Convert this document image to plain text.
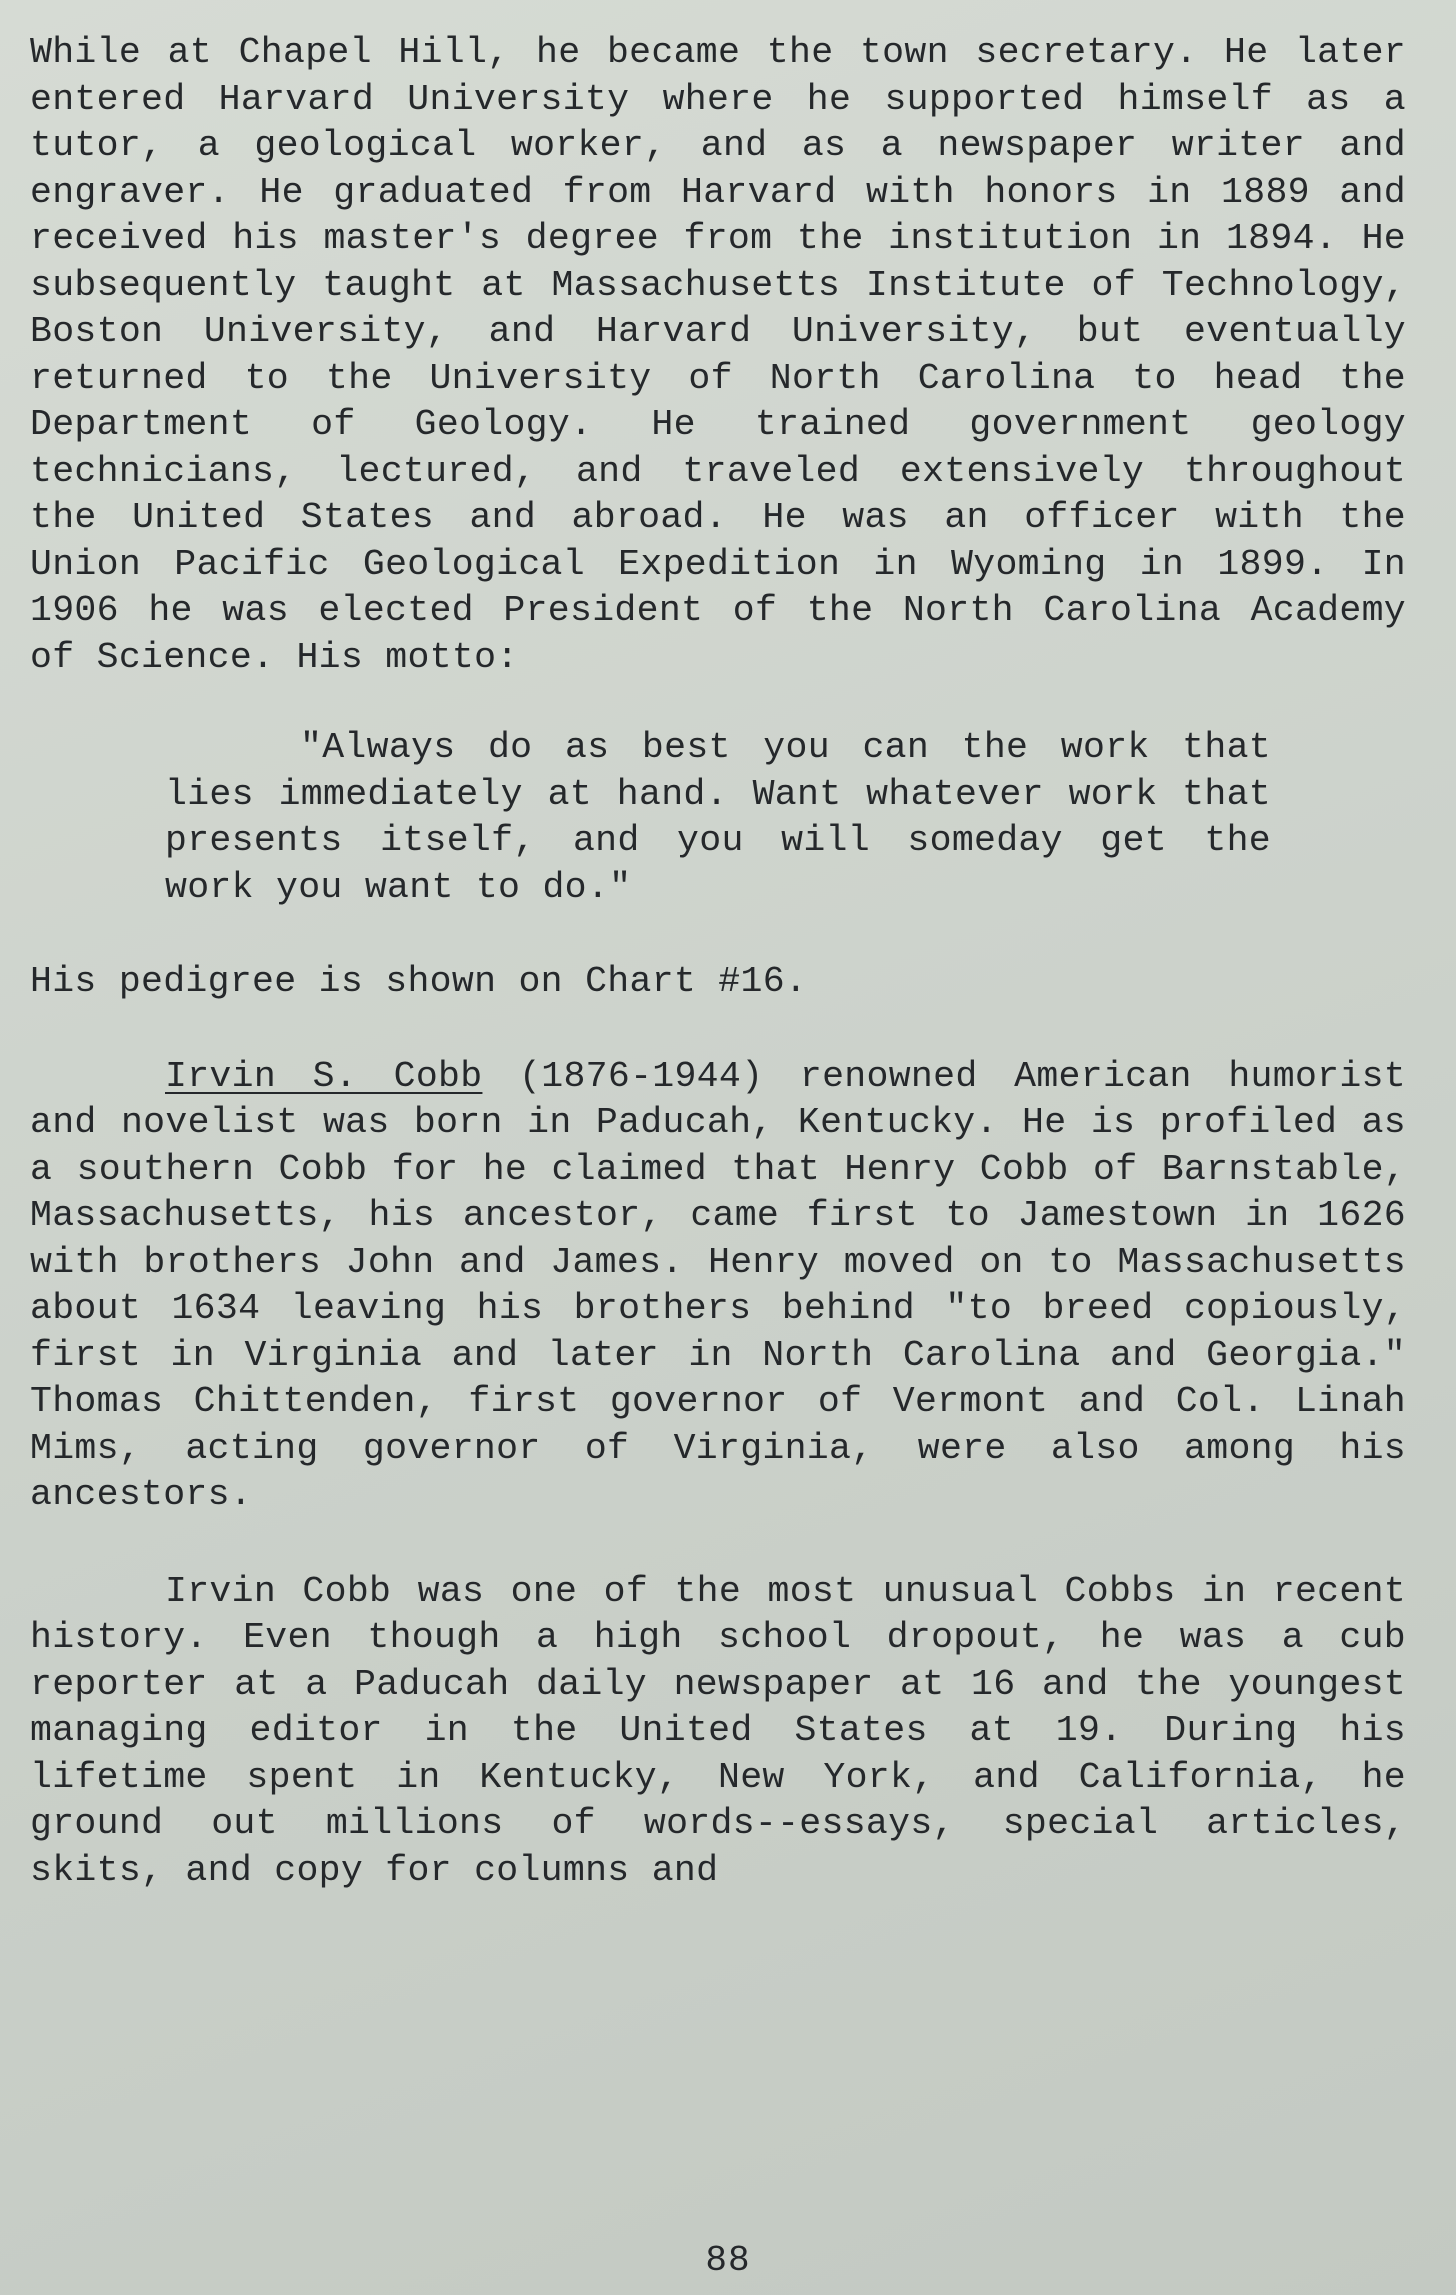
While at Chapel Hill, he became the town secretary. He later entered Harvard University where he supported himself as a tutor, a geological worker, and as a newspaper writer and engraver. He graduated from Harvard with honors in 1889 and received his master's degree from the institution in 1894. He subsequently taught at Massachusetts Institute of Technology, Boston University, and Harvard University, but eventually returned to the University of North Carolina to head the Department of Geology. He trained government geology technicians, lectured, and traveled extensively throughout the United States and abroad. He was an officer with the Union Pacific Geological Expedition in Wyoming in 1899. In 1906 he was elected President of the North Carolina Academy of Science. His motto:

"Always do as best you can the work that lies immediately at hand. Want whatever work that presents itself, and you will someday get the work you want to do."

His pedigree is shown on Chart #16.

Irvin S. Cobb (1876-1944) renowned American humorist and novelist was born in Paducah, Kentucky. He is profiled as a southern Cobb for he claimed that Henry Cobb of Barnstable, Massachusetts, his ancestor, came first to Jamestown in 1626 with brothers John and James. Henry moved on to Massachusetts about 1634 leaving his brothers behind "to breed copiously, first in Virginia and later in North Carolina and Georgia." Thomas Chittenden, first governor of Vermont and Col. Linah Mims, acting governor of Virginia, were also among his ancestors.

Irvin Cobb was one of the most unusual Cobbs in recent history. Even though a high school dropout, he was a cub reporter at a Paducah daily newspaper at 16 and the youngest managing editor in the United States at 19. During his lifetime spent in Kentucky, New York, and California, he ground out millions of words--essays, special articles, skits, and copy for columns and

88
